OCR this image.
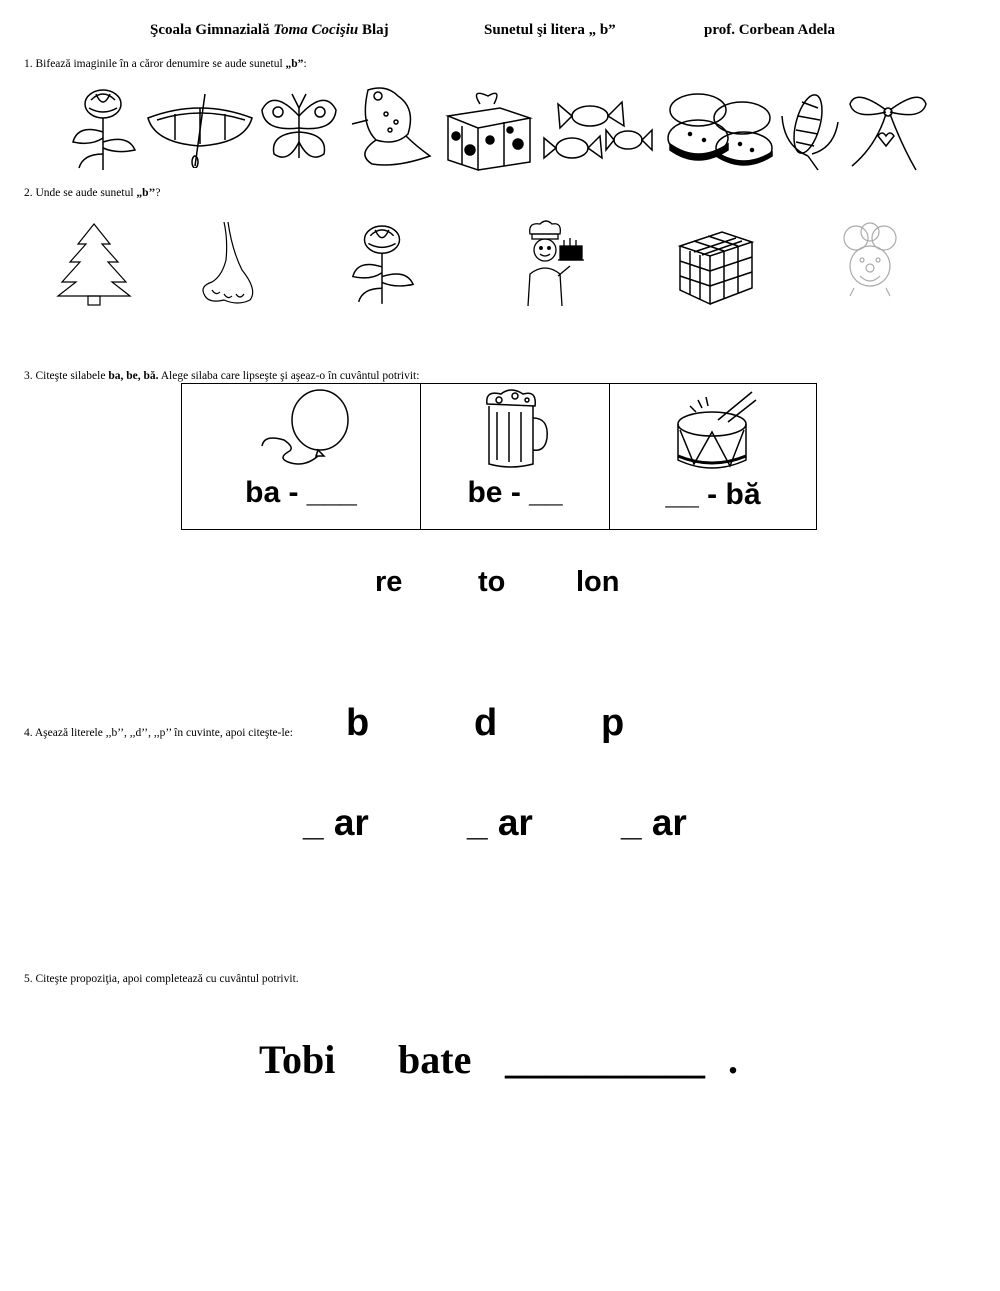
Şcoala Gimnazială Toma Cocişiu Blaj	Sunetul şi litera „ b”	prof. Corbean Adela
1. Bifează imaginile în a căror denumire se aude sunetul „b”:
2. Unde se aude sunetul „b’’?
3. Citeşte silabele ba, be, bă. Alege silaba care lipseşte şi aşeaz-o în cuvântul potrivit:
ba - ___	be - __	__ - bă
re	to lon
4. Aşează literele ,,b’’, ,,d’’, ,,p’’ în cuvinte, apoi citeşte-le: b	d	p
_ ar	_ ar _ ar
5. Citeşte propoziţia, apoi completează cu cuvântul potrivit.
Tobi bate __________ .
